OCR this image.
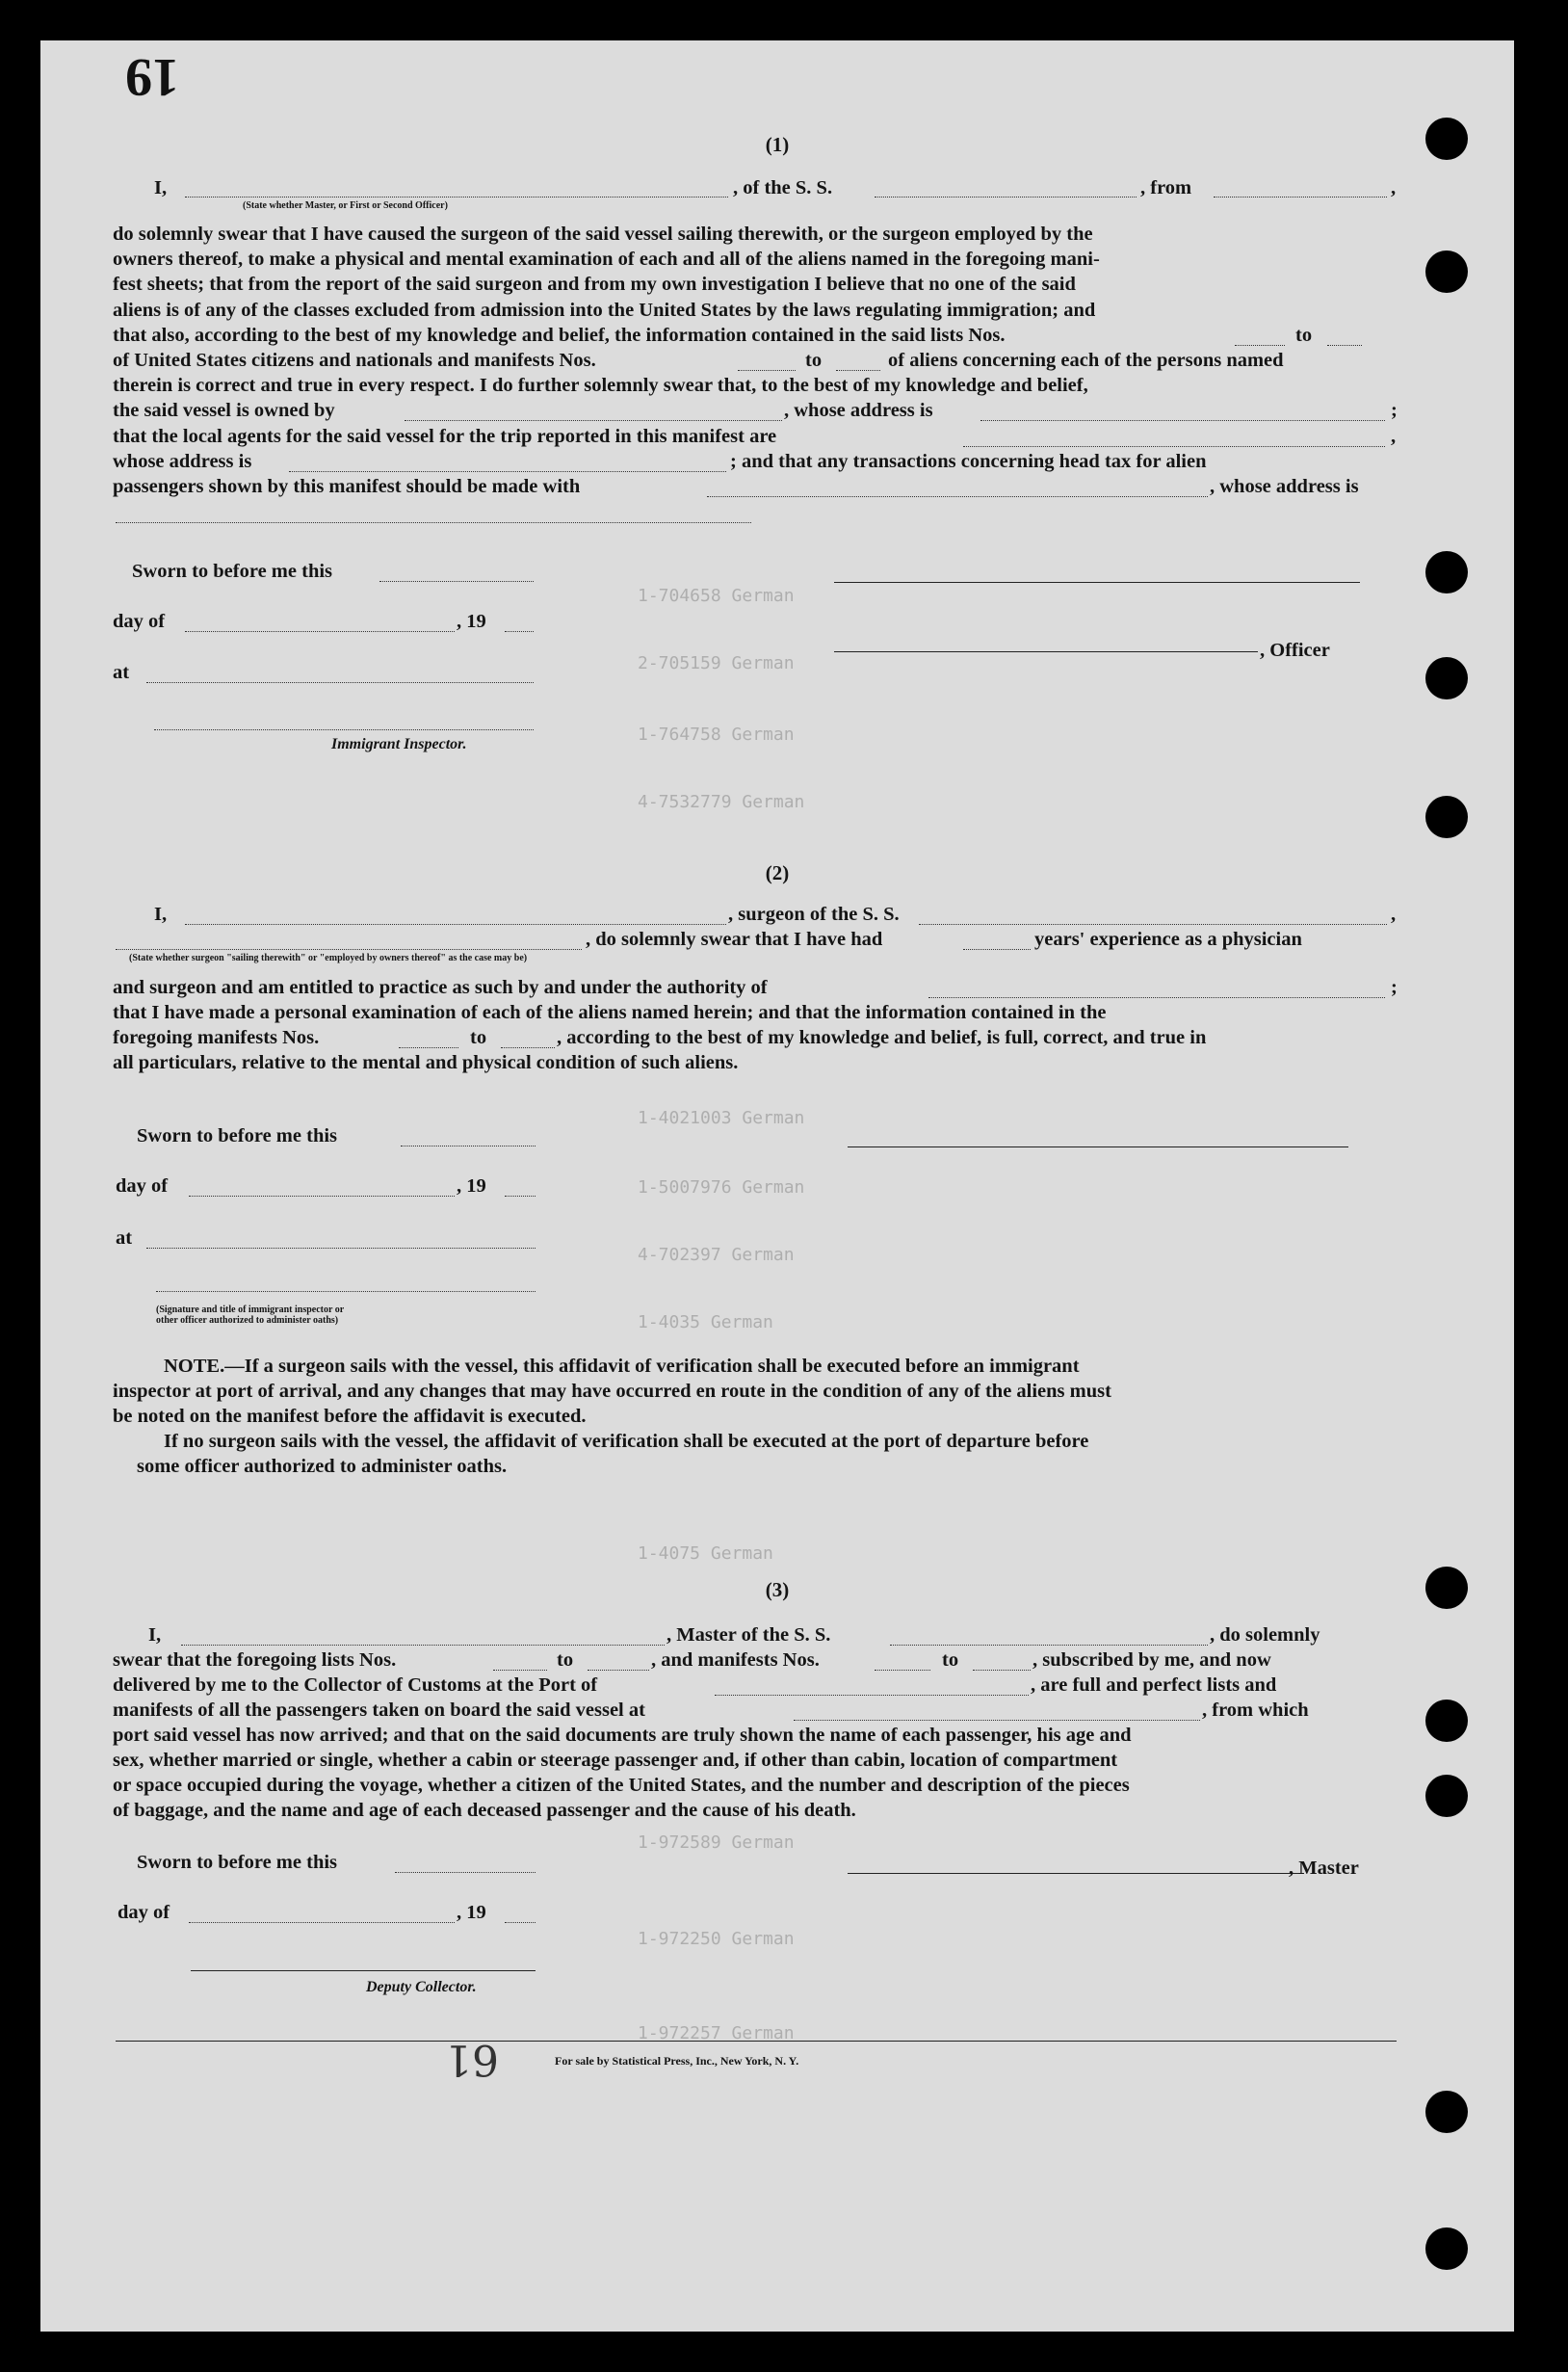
19
1-704658 German
2-705159 German
1-764758 German
4-7532779 German
1-4021003 German
1-5007976 German
4-702397 German
1-4035 German
1-4075 German
1-972589 German
1-972250 German
1-972257 German
(1)
I,	, of the S. S.	, from	,
(State whether Master, or First or Second Officer)
do solemnly swear that I have caused the surgeon of the said vessel sailing therewith, or the surgeon employed by the
owners thereof, to make a physical and mental examination of each and all of the aliens named in the foregoing mani-
fest sheets; that from the report of the said surgeon and from my own investigation I believe that no one of the said
aliens is of any of the classes excluded from admission into the United States by the laws regulating immigration; and
that also, according to the best of my knowledge and belief, the information contained in the said lists Nos.	to
of United States citizens and nationals and manifests Nos.	to	of aliens concerning each of the persons named
therein is correct and true in every respect. I do further solemnly swear that, to the best of my knowledge and belief,
the said vessel is owned by	, whose address is	;
that the local agents for the said vessel for the trip reported in this manifest are	,
whose address is	; and that any transactions concerning head tax for alien
passengers shown by this manifest should be made with	, whose address is
Sworn to before me this
day of	, 19
, Officer
at
Immigrant Inspector.
(2)
I,	, surgeon of the S. S.	,
, do solemnly swear that I have had	years' experience as a physician
(State whether surgeon "sailing therewith" or "employed by owners thereof" as the case may be)
and surgeon and am entitled to practice as such by and under the authority of	;
that I have made a personal examination of each of the aliens named herein; and that the information contained in the
foregoing manifests Nos.	to	, according to the best of my knowledge and belief, is full, correct, and true in
all particulars, relative to the mental and physical condition of such aliens.
Sworn to before me this
day of	, 19
at
(Signature and title of immigrant inspector or
other officer authorized to administer oaths)
NOTE.—If a surgeon sails with the vessel, this affidavit of verification shall be executed before an immigrant
inspector at port of arrival, and any changes that may have occurred en route in the condition of any of the aliens must
be noted on the manifest before the affidavit is executed.
If no surgeon sails with the vessel, the affidavit of verification shall be executed at the port of departure before
some officer authorized to administer oaths.
(3)
I,	, Master of the S. S.	, do solemnly
swear that the foregoing lists Nos.	to	, and manifests Nos.	to	, subscribed by me, and now
delivered by me to the Collector of Customs at the Port of	, are full and perfect lists and
manifests of all the passengers taken on board the said vessel at	, from which
port said vessel has now arrived; and that on the said documents are truly shown the name of each passenger, his age and
sex, whether married or single, whether a cabin or steerage passenger and, if other than cabin, location of compartment
or space occupied during the voyage, whether a citizen of the United States, and the number and description of the pieces
of baggage, and the name and age of each deceased passenger and the cause of his death.
Sworn to before me this	, Master
day of	, 19
Deputy Collector.
61	For sale by Statistical Press, Inc., New York, N. Y.
